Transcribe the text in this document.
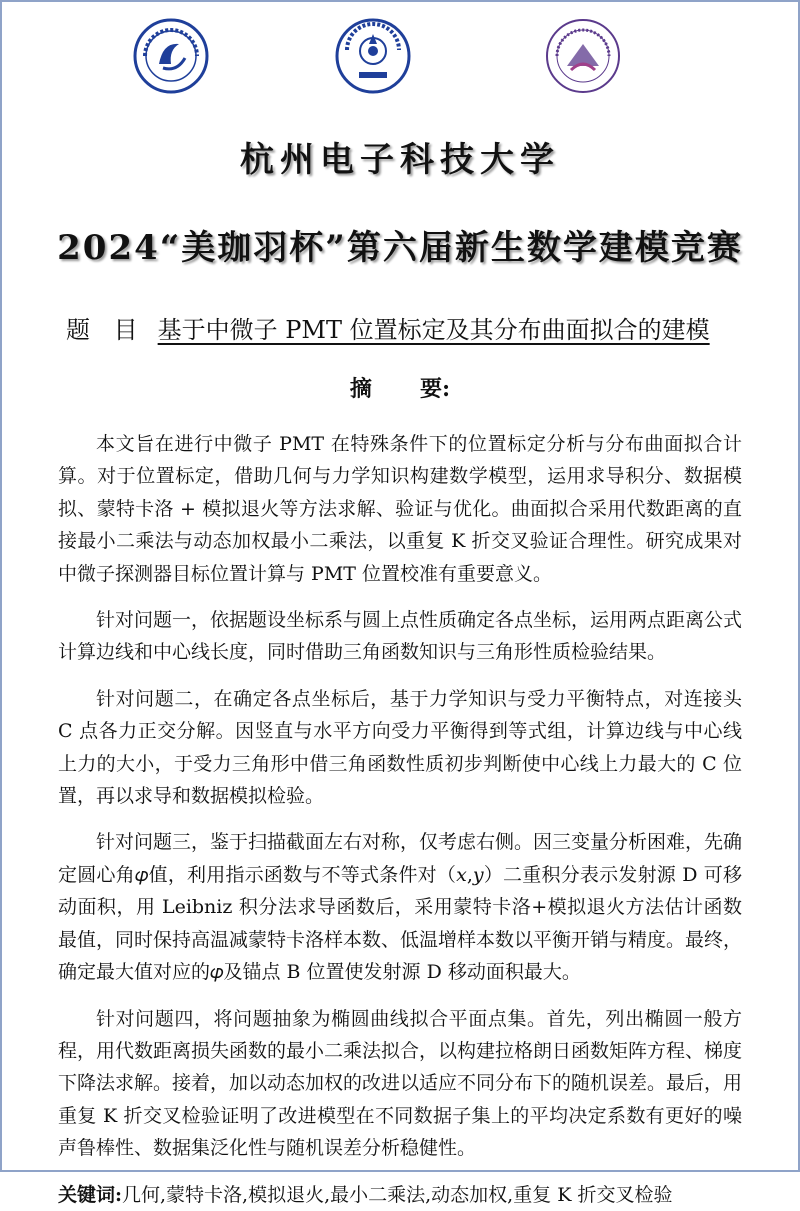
杭州电子科技大学
2024“美珈羽杯”第六届新生数学建模竞赛
题 目 基于中微子 PMT 位置标定及其分布曲面拟合的建模
摘 要:

本文旨在进行中微子 PMT 在特殊条件下的位置标定分析与分布曲面拟合计算。对于位置标定，借助几何与力学知识构建数学模型，运用求导积分、数据模拟、蒙特卡洛 + 模拟退火等方法求解、验证与优化。曲面拟合采用代数距离的直接最小二乘法与动态加权最小二乘法，以重复 K 折交叉验证合理性。研究成果对中微子探测器目标位置计算与 PMT 位置校准有重要意义。

针对问题一，依据题设坐标系与圆上点性质确定各点坐标，运用两点距离公式计算边线和中心线长度，同时借助三角函数知识与三角形性质检验结果。

针对问题二，在确定各点坐标后，基于力学知识与受力平衡特点，对连接头 C 点各力正交分解。因竖直与水平方向受力平衡得到等式组，计算边线与中心线上力的大小，于受力三角形中借三角函数性质初步判断使中心线上力最大的 C 位置，再以求导和数据模拟检验。

针对问题三，鉴于扫描截面左右对称，仅考虑右侧。因三变量分析困难，先确定圆心角𝜑值，利用指示函数与不等式条件对（𝑥,𝑦）二重积分表示发射源 D 可移动面积，用 Leibniz 积分法求导函数后，采用蒙特卡洛+模拟退火方法估计函数最值，同时保持高温减蒙特卡洛样本数、低温增样本数以平衡开销与精度。最终，确定最大值对应的𝜑及锚点 B 位置使发射源 D 移动面积最大。

针对问题四，将问题抽象为椭圆曲线拟合平面点集。首先，列出椭圆一般方程，用代数距离损失函数的最小二乘法拟合，以构建拉格朗日函数矩阵方程、梯度下降法求解。接着，加以动态加权的改进以适应不同分布下的随机误差。最后，用重复 K 折交叉检验证明了改进模型在不同数据子集上的平均决定系数有更好的噪声鲁棒性、数据集泛化性与随机误差分析稳健性。

关键词:几何,蒙特卡洛,模拟退火,最小二乘法,动态加权,重复 K 折交叉检验
